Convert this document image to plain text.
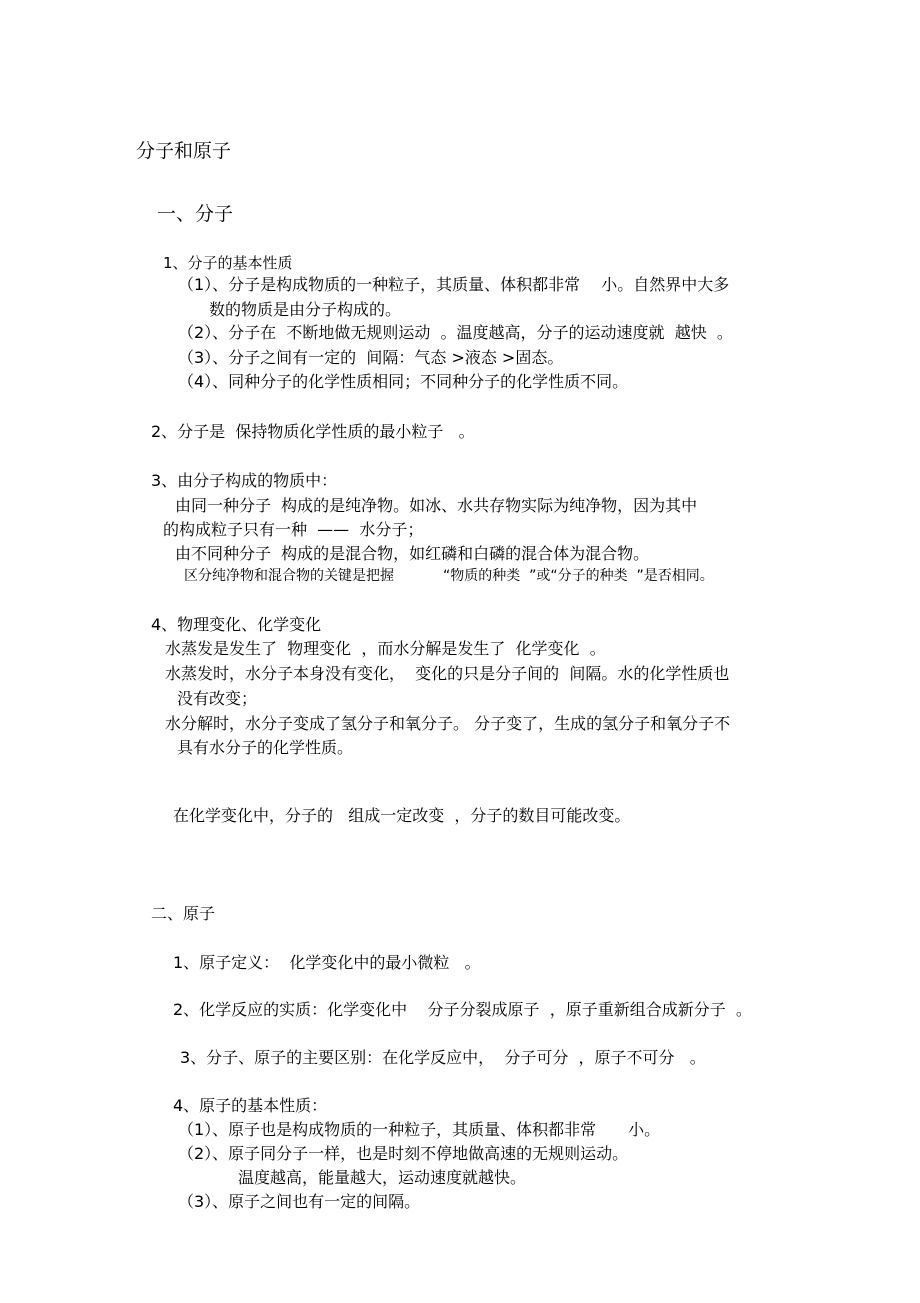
分子和原子
一、分子
1、分子的基本性质
（1）、分子是构成物质的一种粒子，其质量、体积都非常　 小。自然界中大多
数的物质是由分子构成的。
（2）、分子在  不断地做无规则运动  。温度越高，分子的运动速度就  越快  。
（3）、分子之间有一定的  间隔：气态 >液态 >固态。
（4）、同种分子的化学性质相同；不同种分子的化学性质不同。
2、分子是  保持物质化学性质的最小粒子   。
3、由分子构成的物质中：
由同一种分子  构成的是纯净物。如冰、水共存物实际为纯净物，因为其中
的构成粒子只有一种  ——  水分子；
由不同种分子  构成的是混合物，如红磷和白磷的混合体为混合物。
区分纯净物和混合物的关键是把握           “物质的种类  ”或“分子的种类  ”是否相同。
4、物理变化、化学变化
水蒸发是发生了  物理变化  ，而水分解是发生了  化学变化  。
水蒸发时，水分子本身没有变化，  变化的只是分子间的  间隔。水的化学性质也
没有改变；
水分解时，水分子变成了氢分子和氧分子。 分子变了，生成的氢分子和氧分子不
具有水分子的化学性质。
在化学变化中，分子的   组成一定改变  ，分子的数目可能改变。
二、原子
1、原子定义：  化学变化中的最小微粒   。
2、化学反应的实质：化学变化中    分子分裂成原子  ，原子重新组合成新分子  。
3、分子、原子的主要区别：在化学反应中，  分子可分  ，原子不可分   。
4、原子的基本性质：
（1）、原子也是构成物质的一种粒子，其质量、体积都非常　　小。
（2）、原子同分子一样，也是时刻不停地做高速的无规则运动。
温度越高，能量越大，运动速度就越快。
（3）、原子之间也有一定的间隔。
